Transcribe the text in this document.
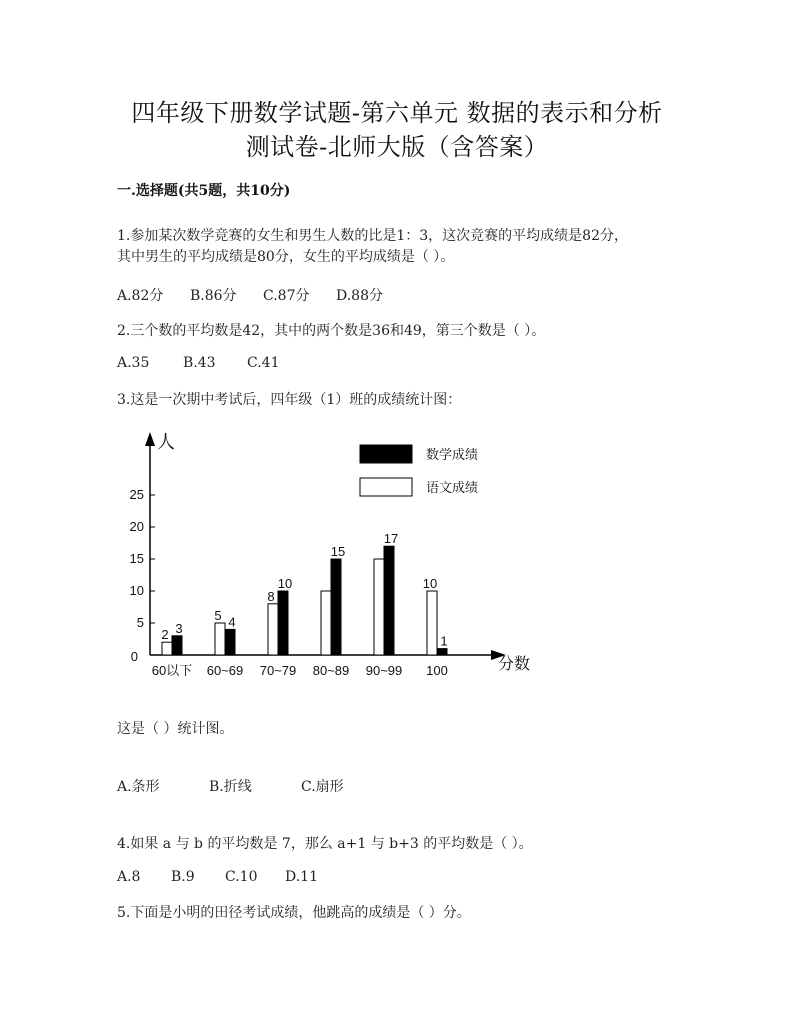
四年级下册数学试题-第六单元 数据的表示和分析
测试卷-北师大版（含答案）
一.选择题(共5题，共10分)
1.参加某次数学竞赛的女生和男生人数的比是1：3，这次竞赛的平均成绩是82分，
其中男生的平均成绩是80分，女生的平均成绩是（ ）。
A.82分 B.86分 C.87分 D.88分
2.三个数的平均数是42，其中的两个数是36和49，第三个数是（ ）。
A.35 B.43 C.41
3.这是一次期中考试后，四年级（1）班的成绩统计图：
5
10
15
20
25
0
人
分数
2 3
60以下
5 4
60~69
8
10
70~79
15
80~89
17
90~99
10
1
100
数学成绩
语文成绩
这是（ ）统计图。
A.条形	B.折线	C.扇形
4.如果 a 与 b 的平均数是 7，那么 a+1 与 b+3 的平均数是（ ）。
A.8 B.9 C.10 D.11
5.下面是小明的田径考试成绩，他跳高的成绩是（ ）分。
